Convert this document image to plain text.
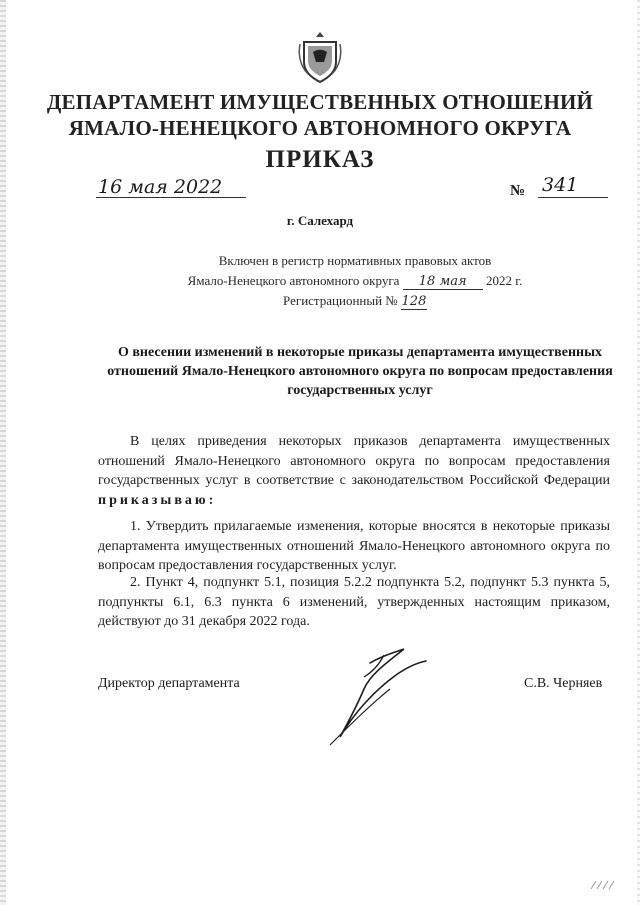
ДЕПАРТАМЕНТ ИМУЩЕСТВЕННЫХ ОТНОШЕНИЙ
ЯМАЛО-НЕНЕЦКОГО АВТОНОМНОГО ОКРУГА
ПРИКАЗ
16 мая 2022	№ 341
г. Салехард
Включен в регистр нормативных правовых актов
Ямало-Ненецкого автономного округа 18 мая 2022 г.
Регистрационный № 128
О внесении изменений в некоторые приказы департамента имущественных отношений Ямало-Ненецкого автономного округа по вопросам предоставления государственных услуг

В целях приведения некоторых приказов департамента имущественных отношений Ямало-Ненецкого автономного округа по вопросам предоставления государственных услуг в соответствие с законодательством Российской Федерации приказываю:

1. Утвердить прилагаемые изменения, которые вносятся в некоторые приказы департамента имущественных отношений Ямало-Ненецкого автономного округа по вопросам предоставления государственных услуг.

2. Пункт 4, подпункт 5.1, позиция 5.2.2 подпункта 5.2, подпункт 5.3 пункта 5, подпункты 6.1, 6.3 пункта 6 изменений, утвержденных настоящим приказом, действуют до 31 декабря 2022 года.

Директор департамента	С.В. Черняев
